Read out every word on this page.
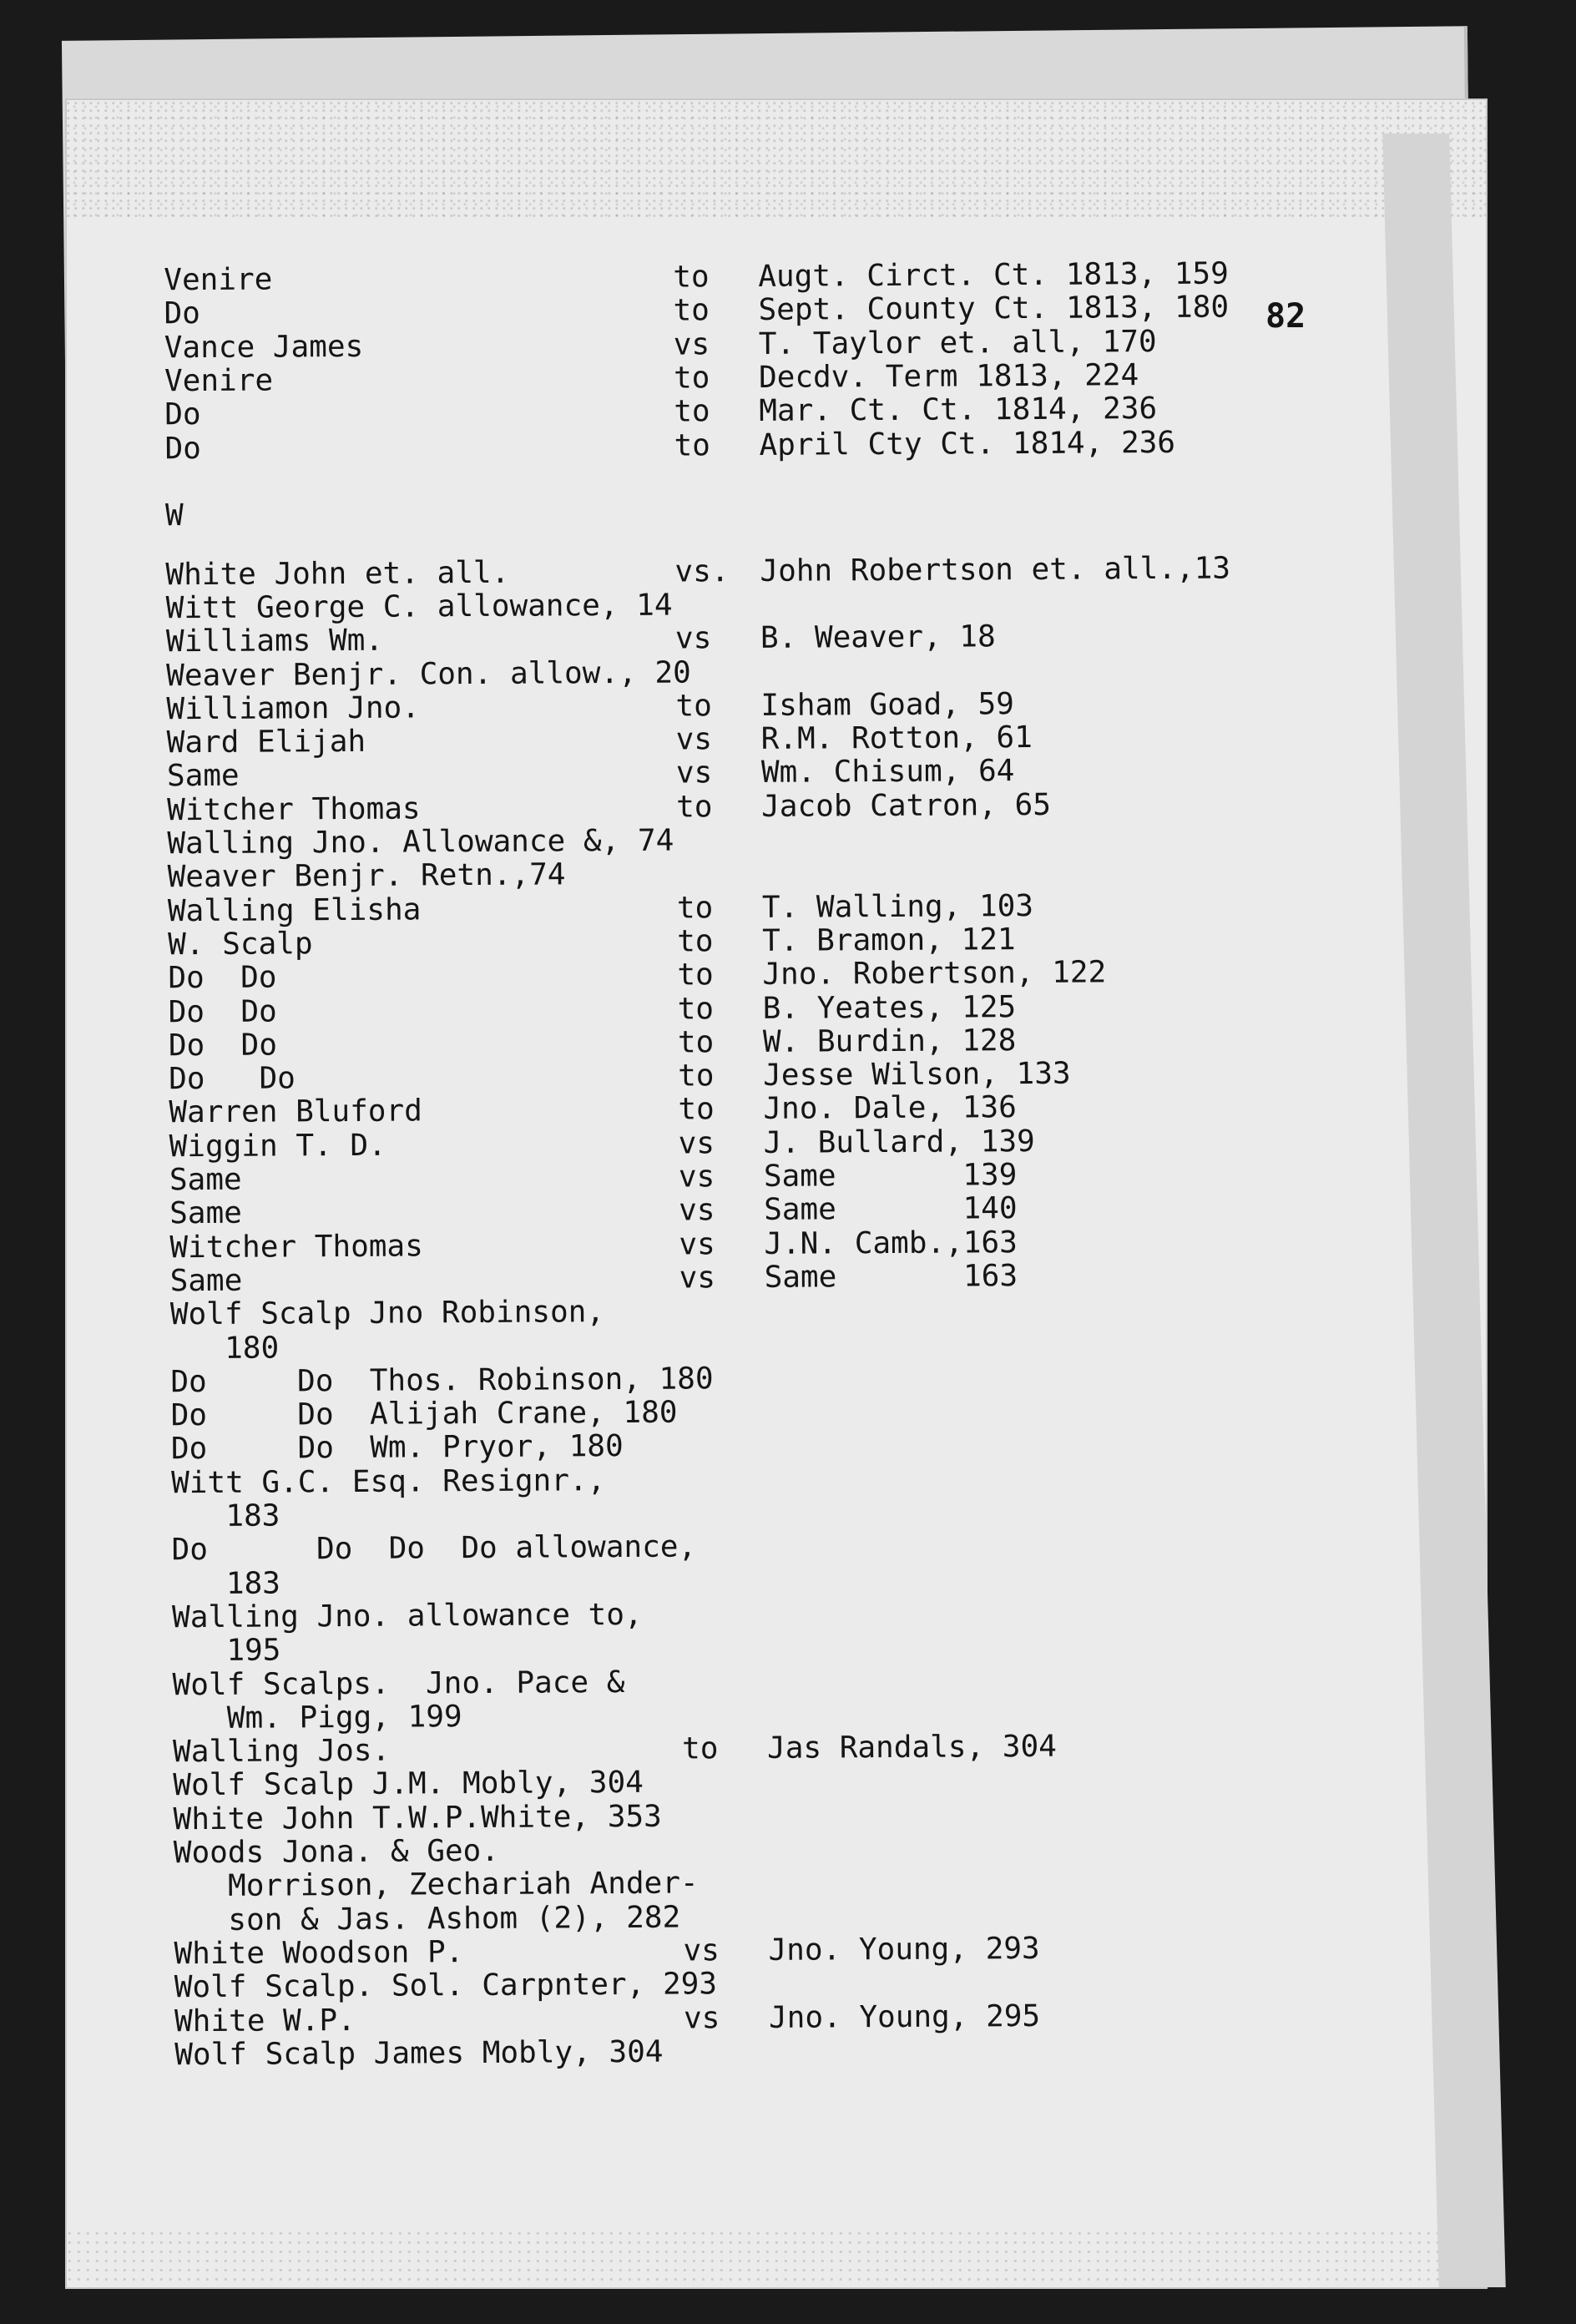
82
Venire	to Augt. Circt. Ct. 1813, 159
Do	to Sept. County Ct. 1813, 180
Vance James	vs T. Taylor et. all, 170
Venire	to Decdv. Term 1813, 224
Do	to Mar. Ct. Ct. 1814, 236
Do	to April Cty Ct. 1814, 236
W
White John et. all.	vs. John Robertson et. all.,13
Witt George C. allowance, 14
Williams Wm.	vs B. Weaver, 18
Weaver Benjr. Con. allow., 20
Williamon Jno.	to Isham Goad, 59
Ward Elijah	vs R.M. Rotton, 61
Same	vs Wm. Chisum, 64
Witcher Thomas	to Jacob Catron, 65
Walling Jno. Allowance &, 74
Weaver Benjr. Retn.,74
Walling Elisha	to T. Walling, 103
W. Scalp	to T. Bramon, 121
Do  Do	to Jno. Robertson, 122
Do  Do	to B. Yeates, 125
Do  Do	to W. Burdin, 128
Do   Do	to Jesse Wilson, 133
Warren Bluford	to Jno. Dale, 136
Wiggin T. D.	vs J. Bullard, 139
Same	vs Same       139
Same	vs Same       140
Witcher Thomas	vs J.N. Camb.,163
Same	vs Same       163
Wolf Scalp Jno Robinson,
180
Do     Do  Thos. Robinson, 180
Do     Do  Alijah Crane, 180
Do     Do  Wm. Pryor, 180
Witt G.C. Esq. Resignr.,
183
Do      Do  Do  Do allowance,
183
Walling Jno. allowance to,
195
Wolf Scalps.  Jno. Pace &
Wm. Pigg, 199
Walling Jos.	to Jas Randals, 304
Wolf Scalp J.M. Mobly, 304
White John T.W.P.White, 353
Woods Jona. & Geo.
Morrison, Zechariah Ander-
son & Jas. Ashom (2), 282
White Woodson P.	vs Jno. Young, 293
Wolf Scalp. Sol. Carpnter, 293
White W.P.	vs Jno. Young, 295
Wolf Scalp James Mobly, 304
